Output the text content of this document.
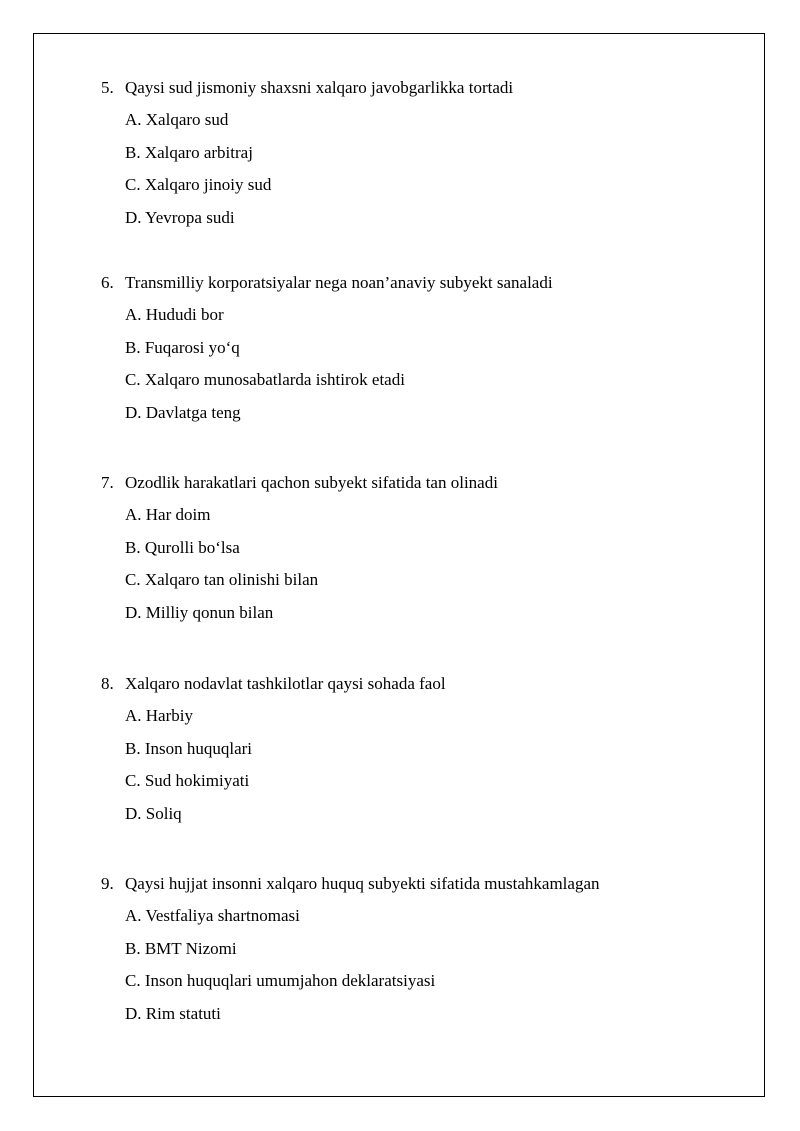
5. Qaysi sud jismoniy shaxsni xalqaro javobgarlikka tortadi
A. Xalqaro sud
B. Xalqaro arbitraj
C. Xalqaro jinoiy sud
D. Yevropa sudi
6. Transmilliy korporatsiyalar nega noan’anaviy subyekt sanaladi
A. Hududi bor
B. Fuqarosi yo‘q
C. Xalqaro munosabatlarda ishtirok etadi
D. Davlatga teng
7. Ozodlik harakatlari qachon subyekt sifatida tan olinadi
A. Har doim
B. Qurolli bo‘lsa
C. Xalqaro tan olinishi bilan
D. Milliy qonun bilan
8. Xalqaro nodavlat tashkilotlar qaysi sohada faol
A. Harbiy
B. Inson huquqlari
C. Sud hokimiyati
D. Soliq
9. Qaysi hujjat insonni xalqaro huquq subyekti sifatida mustahkamlagan
A. Vestfaliya shartnomasi
B. BMT Nizomi
C. Inson huquqlari umumjahon deklaratsiyasi
D. Rim statuti
